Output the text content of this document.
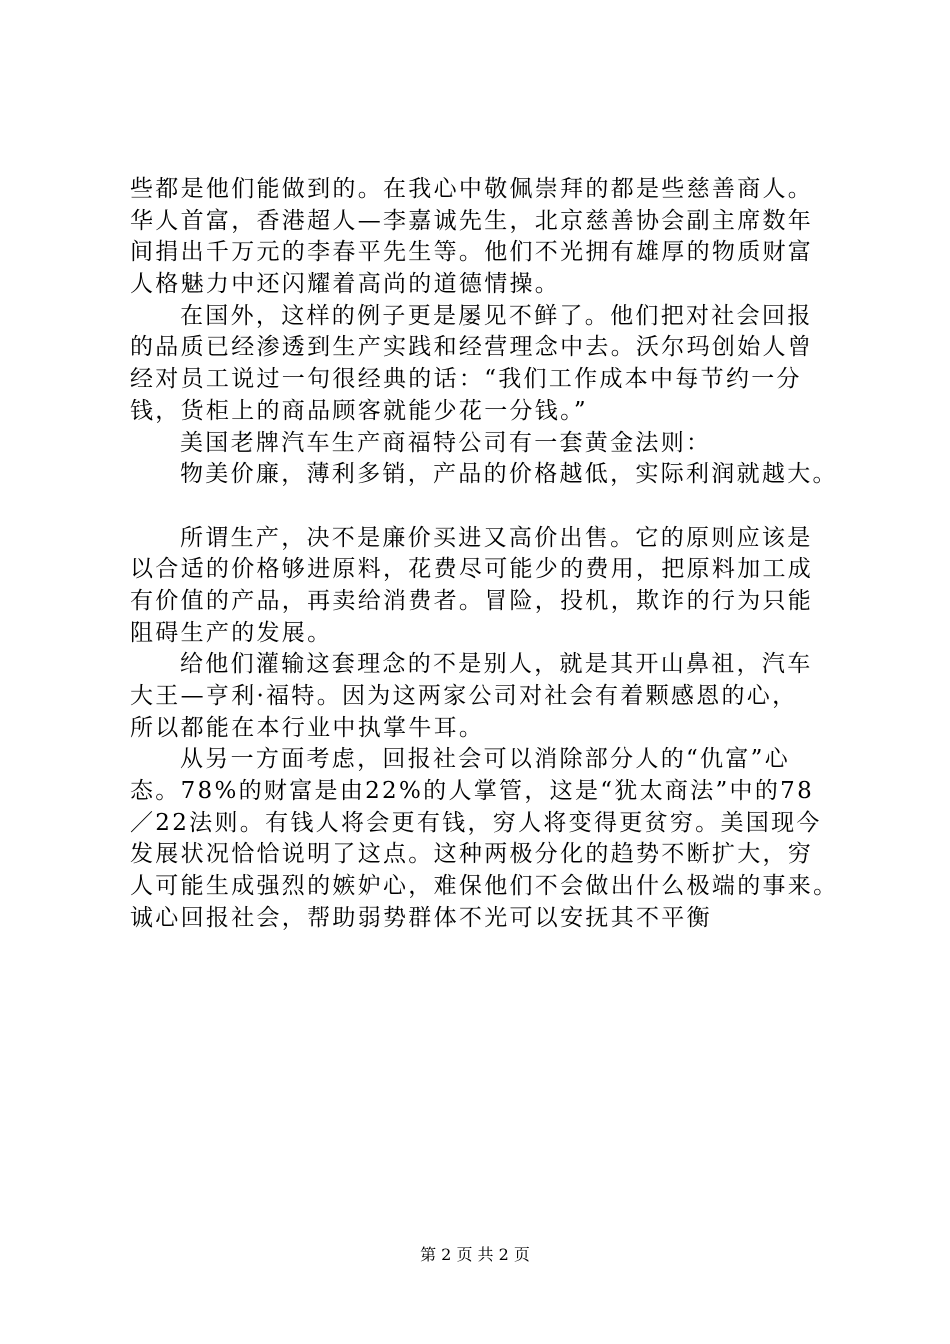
些都是他们能做到的。在我心中敬佩崇拜的都是些慈善商人。
华人首富，香港超人—李嘉诚先生，北京慈善协会副主席数年
间捐出千万元的李春平先生等。他们不光拥有雄厚的物质财富
人格魅力中还闪耀着高尚的道德情操。
在国外，这样的例子更是屡见不鲜了。他们把对社会回报
的品质已经渗透到生产实践和经营理念中去。沃尔玛创始人曾
经对员工说过一句很经典的话：“我们工作成本中每节约一分
钱，货柜上的商品顾客就能少花一分钱。”
美国老牌汽车生产商福特公司有一套黄金法则：
物美价廉，薄利多销，产品的价格越低，实际利润就越大。
所谓生产，决不是廉价买进又高价出售。它的原则应该是
以合适的价格够进原料，花费尽可能少的费用，把原料加工成
有价值的产品，再卖给消费者。冒险，投机，欺诈的行为只能
阻碍生产的发展。
给他们灌输这套理念的不是别人，就是其开山鼻祖，汽车
大王—亨利·福特。因为这两家公司对社会有着颗感恩的心，
所以都能在本行业中执掌牛耳。
从另一方面考虑，回报社会可以消除部分人的“仇富”心
态。78%的财富是由22%的人掌管，这是“犹太商法”中的78
／22法则。有钱人将会更有钱，穷人将变得更贫穷。美国现今
发展状况恰恰说明了这点。这种两极分化的趋势不断扩大，穷
人可能生成强烈的嫉妒心，难保他们不会做出什么极端的事来。
诚心回报社会，帮助弱势群体不光可以安抚其不平衡
第 2 页 共 2 页
